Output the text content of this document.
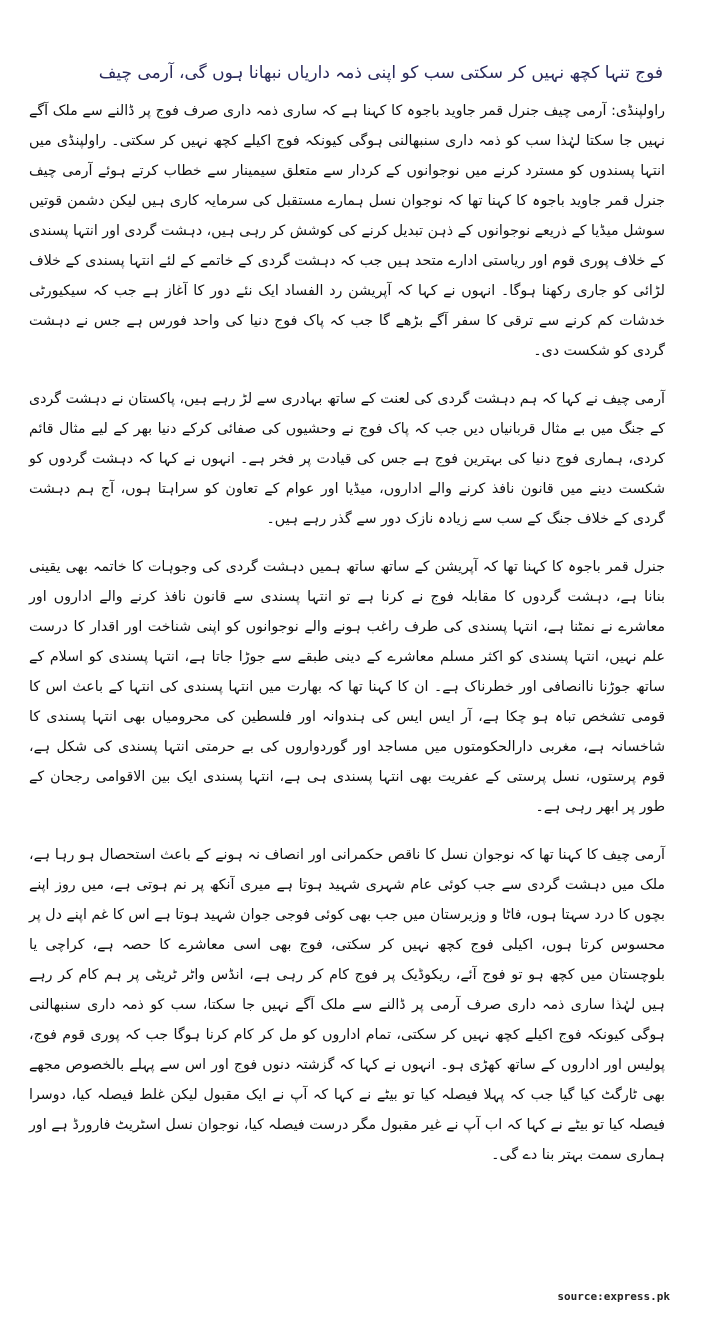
فوج تنہا کچھ نہیں کر سکتی سب کو اپنی ذمہ داریاں نبھانا ہوں گی، آرمی چیف

راولپنڈی: آرمی چیف جنرل قمر جاوید باجوہ کا کہنا ہے کہ ساری ذمہ داری صرف فوج پر ڈالنے سے ملک آگے نہیں جا سکتا لہٰذا سب کو ذمہ داری سنبھالنی ہوگی کیونکہ فوج اکیلے کچھ نہیں کر سکتی۔ راولپنڈی میں انتہا پسندوں کو مسترد کرنے میں نوجوانوں کے کردار سے متعلق سیمینار سے خطاب کرتے ہوئے آرمی چیف جنرل قمر جاوید باجوہ کا کہنا تھا کہ نوجوان نسل ہمارے مستقبل کی سرمایہ کاری ہیں لیکن دشمن قوتیں سوشل میڈیا کے ذریعے نوجوانوں کے ذہن تبدیل کرنے کی کوشش کر رہی ہیں، دہشت گردی اور انتہا پسندی کے خلاف پوری قوم اور ریاستی ادارے متحد ہیں جب کہ دہشت گردی کے خاتمے کے لئے انتہا پسندی کے خلاف لڑائی کو جاری رکھنا ہوگا۔ انہوں نے کہا کہ آپریشن رد الفساد ایک نئے دور کا آغاز ہے جب کہ سیکیورٹی خدشات کم کرنے سے ترقی کا سفر آگے بڑھے گا جب کہ پاک فوج دنیا کی واحد فورس ہے جس نے دہشت گردی کو شکست دی۔

آرمی چیف نے کہا کہ ہم دہشت گردی کی لعنت کے ساتھ بہادری سے لڑ رہے ہیں، پاکستان نے دہشت گردی کے جنگ میں بے مثال قربانیاں دیں جب کہ پاک فوج نے وحشیوں کی صفائی کرکے دنیا بھر کے لیے مثال قائم کردی، ہماری فوج دنیا کی بہترین فوج ہے جس کی قیادت پر فخر ہے۔ انہوں نے کہا کہ دہشت گردوں کو شکست دینے میں قانون نافذ کرنے والے اداروں، میڈیا اور عوام کے تعاون کو سراہتا ہوں، آج ہم دہشت گردی کے خلاف جنگ کے سب سے زیادہ نازک دور سے گذر رہے ہیں۔

جنرل قمر باجوہ کا کہنا تھا کہ آپریشن کے ساتھ ساتھ ہمیں دہشت گردی کی وجوہات کا خاتمہ بھی یقینی بنانا ہے، دہشت گردوں کا مقابلہ فوج نے کرنا ہے تو انتہا پسندی سے قانون نافذ کرنے والے اداروں اور معاشرے نے نمٹنا ہے، انتہا پسندی کی طرف راغب ہونے والے نوجوانوں کو اپنی شناخت اور اقدار کا درست علم نہیں، انتہا پسندی کو اکثر مسلم معاشرے کے دینی طبقے سے جوڑا جاتا ہے، انتہا پسندی کو اسلام کے ساتھ جوڑنا ناانصافی اور خطرناک ہے۔ ان کا کہنا تھا کہ بھارت میں انتہا پسندی کی انتہا کے باعث اس کا قومی تشخص تباہ ہو چکا ہے، آر ایس ایس کی ہندوانہ اور فلسطین کی محرومیاں بھی انتہا پسندی کا شاخسانہ ہے، مغربی دارالحکومتوں میں مساجد اور گوردواروں کی بے حرمتی انتہا پسندی کی شکل ہے، قوم پرستوں، نسل پرستی کے عفریت بھی انتہا پسندی ہی ہے، انتہا پسندی ایک بین الاقوامی رجحان کے طور پر ابھر رہی ہے۔

آرمی چیف کا کہنا تھا کہ نوجوان نسل کا ناقص حکمرانی اور انصاف نہ ہونے کے باعث استحصال ہو رہا ہے، ملک میں دہشت گردی سے جب کوئی عام شہری شہید ہوتا ہے میری آنکھ پر نم ہوتی ہے، میں روز اپنے بچوں کا درد سہتا ہوں، فاٹا و وزیرستان میں جب بھی کوئی فوجی جوان شہید ہوتا ہے اس کا غم اپنے دل پر محسوس کرتا ہوں، اکیلی فوج کچھ نہیں کر سکتی، فوج بھی اسی معاشرے کا حصہ ہے، کراچی یا بلوچستان میں کچھ ہو تو فوج آئے، ریکوڈیک پر فوج کام کر رہی ہے، انڈس واٹر ٹریٹی پر ہم کام کر رہے ہیں لہٰذا ساری ذمہ داری صرف آرمی پر ڈالنے سے ملک آگے نہیں جا سکتا، سب کو ذمہ داری سنبھالنی ہوگی کیونکہ فوج اکیلے کچھ نہیں کر سکتی، تمام اداروں کو مل کر کام کرنا ہوگا جب کہ پوری قوم فوج، پولیس اور اداروں کے ساتھ کھڑی ہو۔ انہوں نے کہا کہ گزشتہ دنوں فوج اور اس سے پہلے بالخصوص مجھے بھی ٹارگٹ کیا گیا جب کہ پہلا فیصلہ کیا تو بیٹے نے کہا کہ آپ نے ایک مقبول لیکن غلط فیصلہ کیا، دوسرا فیصلہ کیا تو بیٹے نے کہا کہ اب آپ نے غیر مقبول مگر درست فیصلہ کیا، نوجوان نسل اسٹریٹ فارورڈ ہے اور ہماری سمت بہتر بنا دے گی۔

source:express.pk
